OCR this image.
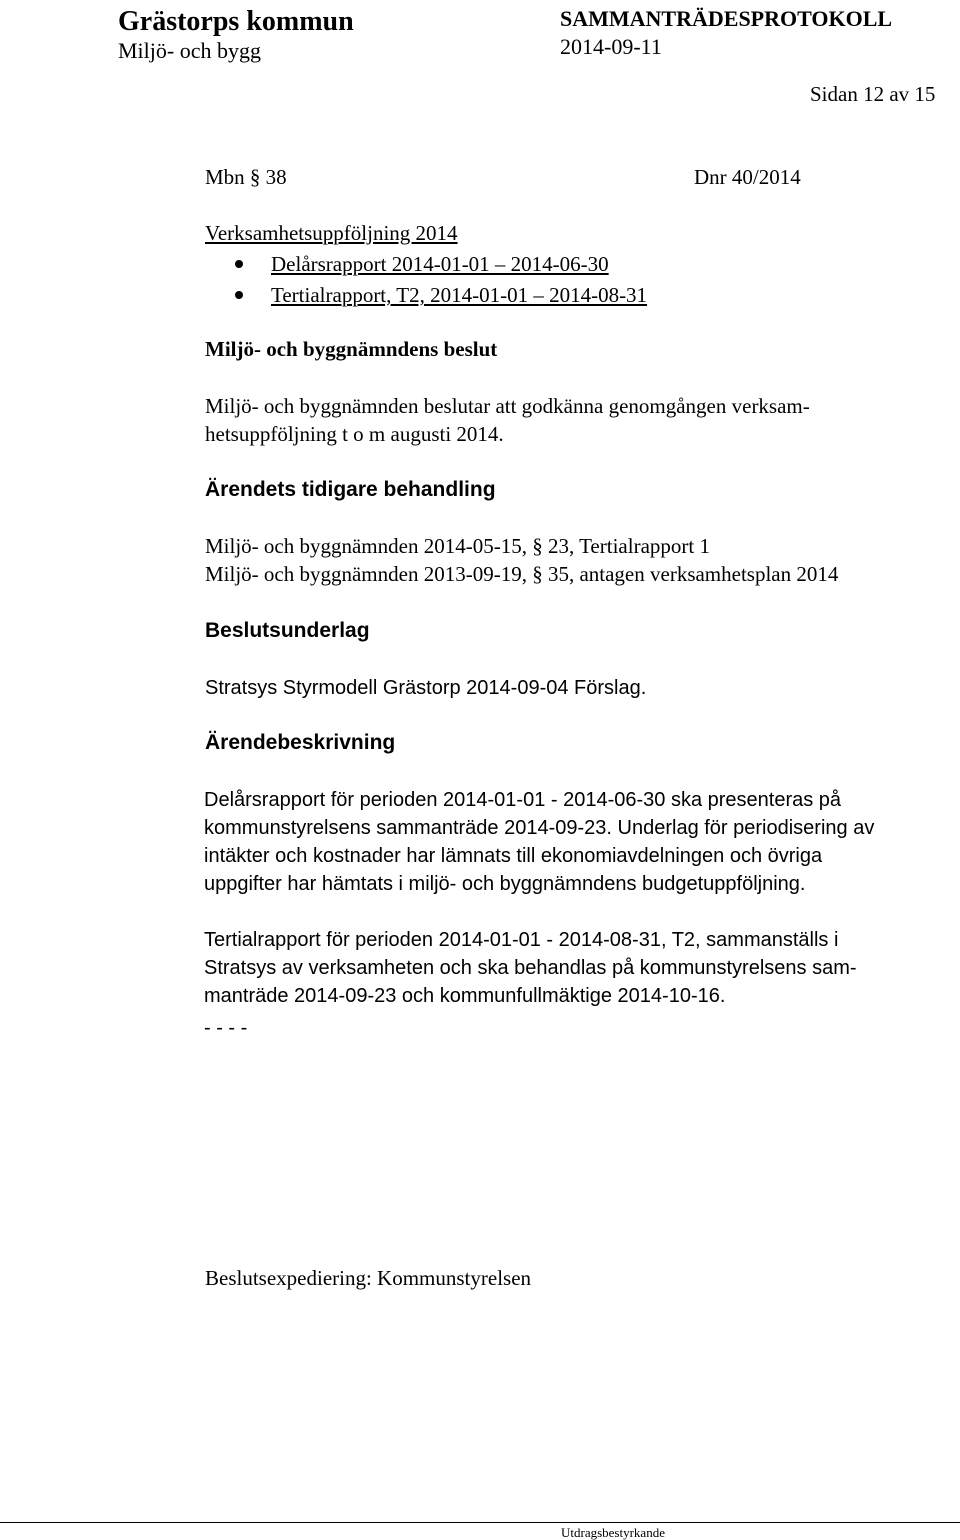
Grästorps kommun	SAMMANTRÄDESPROTOKOLL
Miljö- och bygg	2014-09-11
Sidan 12 av 15
Mbn § 38	Dnr 40/2014
Verksamhetsuppföljning 2014
Delårsrapport 2014-01-01 – 2014-06-30
Tertialrapport, T2, 2014-01-01 – 2014-08-31
Miljö- och byggnämndens beslut
Miljö- och byggnämnden beslutar att godkänna genomgången verksam-
hetsuppföljning t o m augusti 2014.
Ärendets tidigare behandling
Miljö- och byggnämnden 2014-05-15, § 23, Tertialrapport 1
Miljö- och byggnämnden 2013-09-19, § 35, antagen verksamhetsplan 2014
Beslutsunderlag
Stratsys Styrmodell Grästorp 2014-09-04 Förslag.
Ärendebeskrivning
Delårsrapport för perioden 2014-01-01 - 2014-06-30 ska presenteras på
kommunstyrelsens sammanträde 2014-09-23. Underlag för periodisering av
intäkter och kostnader har lämnats till ekonomiavdelningen och övriga
uppgifter har hämtats i miljö- och byggnämndens budgetuppföljning.
Tertialrapport för perioden 2014-01-01 - 2014-08-31, T2, sammanställs i
Stratsys av verksamheten och ska behandlas på kommunstyrelsens sam-
manträde 2014-09-23 och kommunfullmäktige 2014-10-16.
- - - -
Beslutsexpediering: Kommunstyrelsen
Utdragsbestyrkande
